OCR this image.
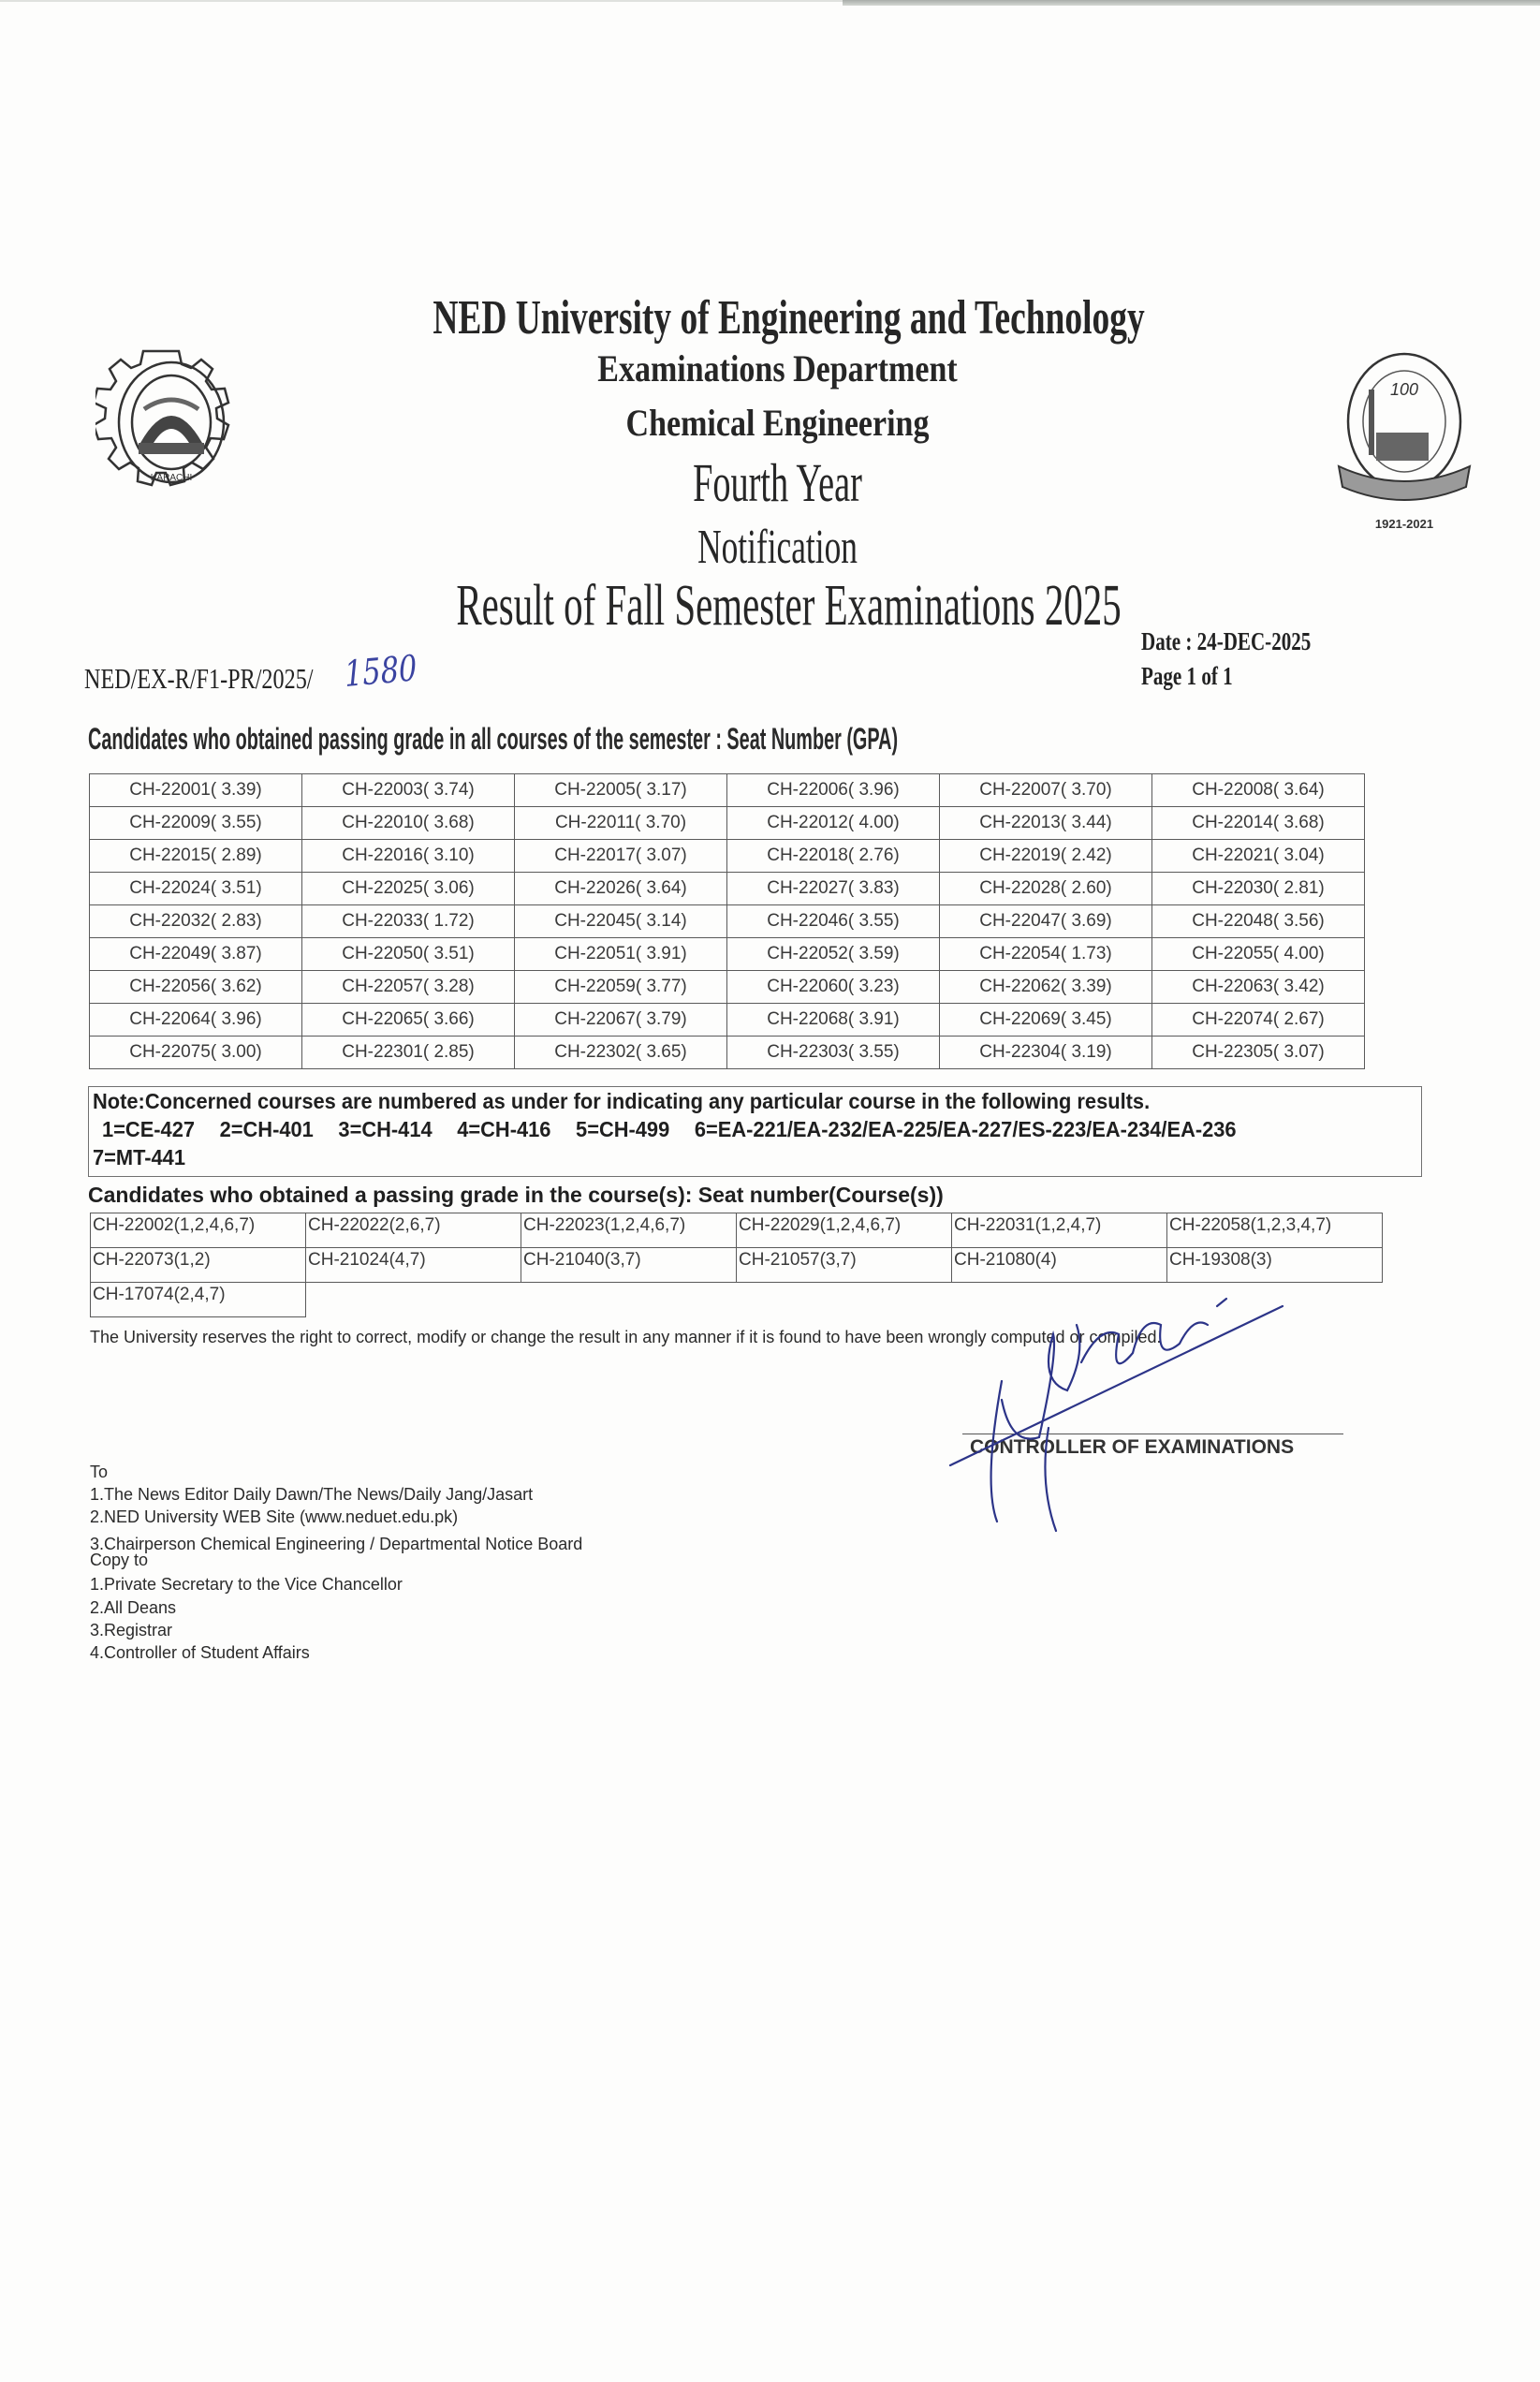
KARACHI
100
1921-2021
NED University of Engineering and Technology
Examinations Department
Chemical Engineering
Fourth Year
Notification
Result of Fall Semester Examinations 2025
Date : 24-DEC-2025
Page 1 of 1
NED/EX-R/F1-PR/2025/ 1580
Candidates who obtained passing grade in all courses of the semester : Seat Number (GPA)
CH-22001( 3.39)	CH-22003( 3.74)	CH-22005( 3.17)	CH-22006( 3.96)	CH-22007( 3.70)	CH-22008( 3.64)
CH-22009( 3.55)	CH-22010( 3.68)	CH-22011( 3.70)	CH-22012( 4.00)	CH-22013( 3.44)	CH-22014( 3.68)
CH-22015( 2.89)	CH-22016( 3.10)	CH-22017( 3.07)	CH-22018( 2.76)	CH-22019( 2.42)	CH-22021( 3.04)
CH-22024( 3.51)	CH-22025( 3.06)	CH-22026( 3.64)	CH-22027( 3.83)	CH-22028( 2.60)	CH-22030( 2.81)
CH-22032( 2.83)	CH-22033( 1.72)	CH-22045( 3.14)	CH-22046( 3.55)	CH-22047( 3.69)	CH-22048( 3.56)
CH-22049( 3.87)	CH-22050( 3.51)	CH-22051( 3.91)	CH-22052( 3.59)	CH-22054( 1.73)	CH-22055( 4.00)
CH-22056( 3.62)	CH-22057( 3.28)	CH-22059( 3.77)	CH-22060( 3.23)	CH-22062( 3.39)	CH-22063( 3.42)
CH-22064( 3.96)	CH-22065( 3.66)	CH-22067( 3.79)	CH-22068( 3.91)	CH-22069( 3.45)	CH-22074( 2.67)
CH-22075( 3.00)	CH-22301( 2.85)	CH-22302( 3.65)	CH-22303( 3.55)	CH-22304( 3.19)	CH-22305( 3.07)
Note:Concerned courses are numbered as under for indicating any particular course in the following results.
1=CE-427 2=CH-401 3=CH-414 4=CH-416 5=CH-499 6=EA-221/EA-232/EA-225/EA-227/ES-223/EA-234/EA-236
7=MT-441
Candidates who obtained a passing grade in the course(s): Seat number(Course(s))
CH-22002(1,2,4,6,7)	CH-22022(2,6,7)	CH-22023(1,2,4,6,7)	CH-22029(1,2,4,6,7)	CH-22031(1,2,4,7)	CH-22058(1,2,3,4,7)
CH-22073(1,2)	CH-21024(4,7)	CH-21040(3,7)	CH-21057(3,7)	CH-21080(4)	CH-19308(3)
CH-17074(2,4,7)					
The University reserves the right to correct, modify or change the result in any manner if it is found to have been wrongly computed or compiled.
CONTROLLER OF EXAMINATIONS
To
1.The News Editor Daily Dawn/The News/Daily Jang/Jasart
2.NED University WEB Site (www.neduet.edu.pk)
3.Chairperson Chemical Engineering / Departmental Notice Board
Copy to
1.Private Secretary to the Vice Chancellor
2.All Deans
3.Registrar
4.Controller of Student Affairs
